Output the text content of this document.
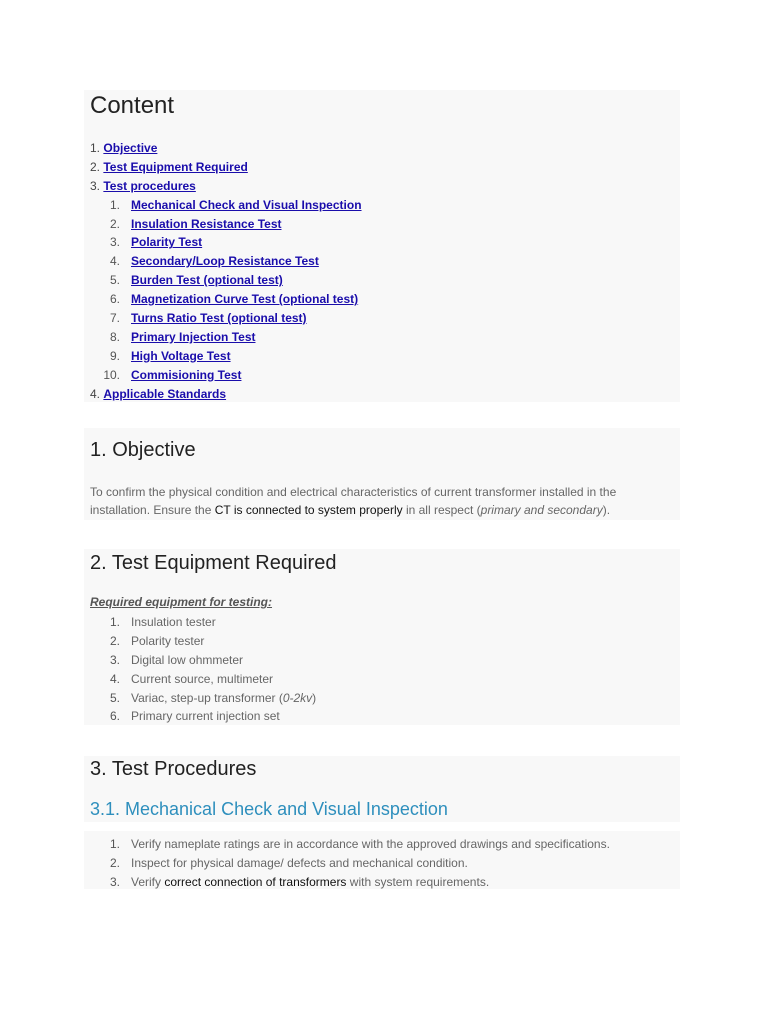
Content
1. Objective
2. Test Equipment Required
3. Test procedures
1. Mechanical Check and Visual Inspection
2. Insulation Resistance Test
3. Polarity Test
4. Secondary/Loop Resistance Test
5. Burden Test (optional test)
6. Magnetization Curve Test (optional test)
7. Turns Ratio Test (optional test)
8. Primary Injection Test
9. High Voltage Test
10. Commisioning Test
4. Applicable Standards
1. Objective
To confirm the physical condition and electrical characteristics of current transformer installed in the
installation. Ensure the CT is connected to system properly in all respect (primary and secondary).
2. Test Equipment Required
Required equipment for testing:
1. Insulation tester
2. Polarity tester
3. Digital low ohmmeter
4. Current source, multimeter
5. Variac, step-up transformer (0-2kv)
6. Primary current injection set
3. Test Procedures
3.1. Mechanical Check and Visual Inspection
1. Verify nameplate ratings are in accordance with the approved drawings and specifications.
2. Inspect for physical damage/ defects and mechanical condition.
3. Verify correct connection of transformers with system requirements.
